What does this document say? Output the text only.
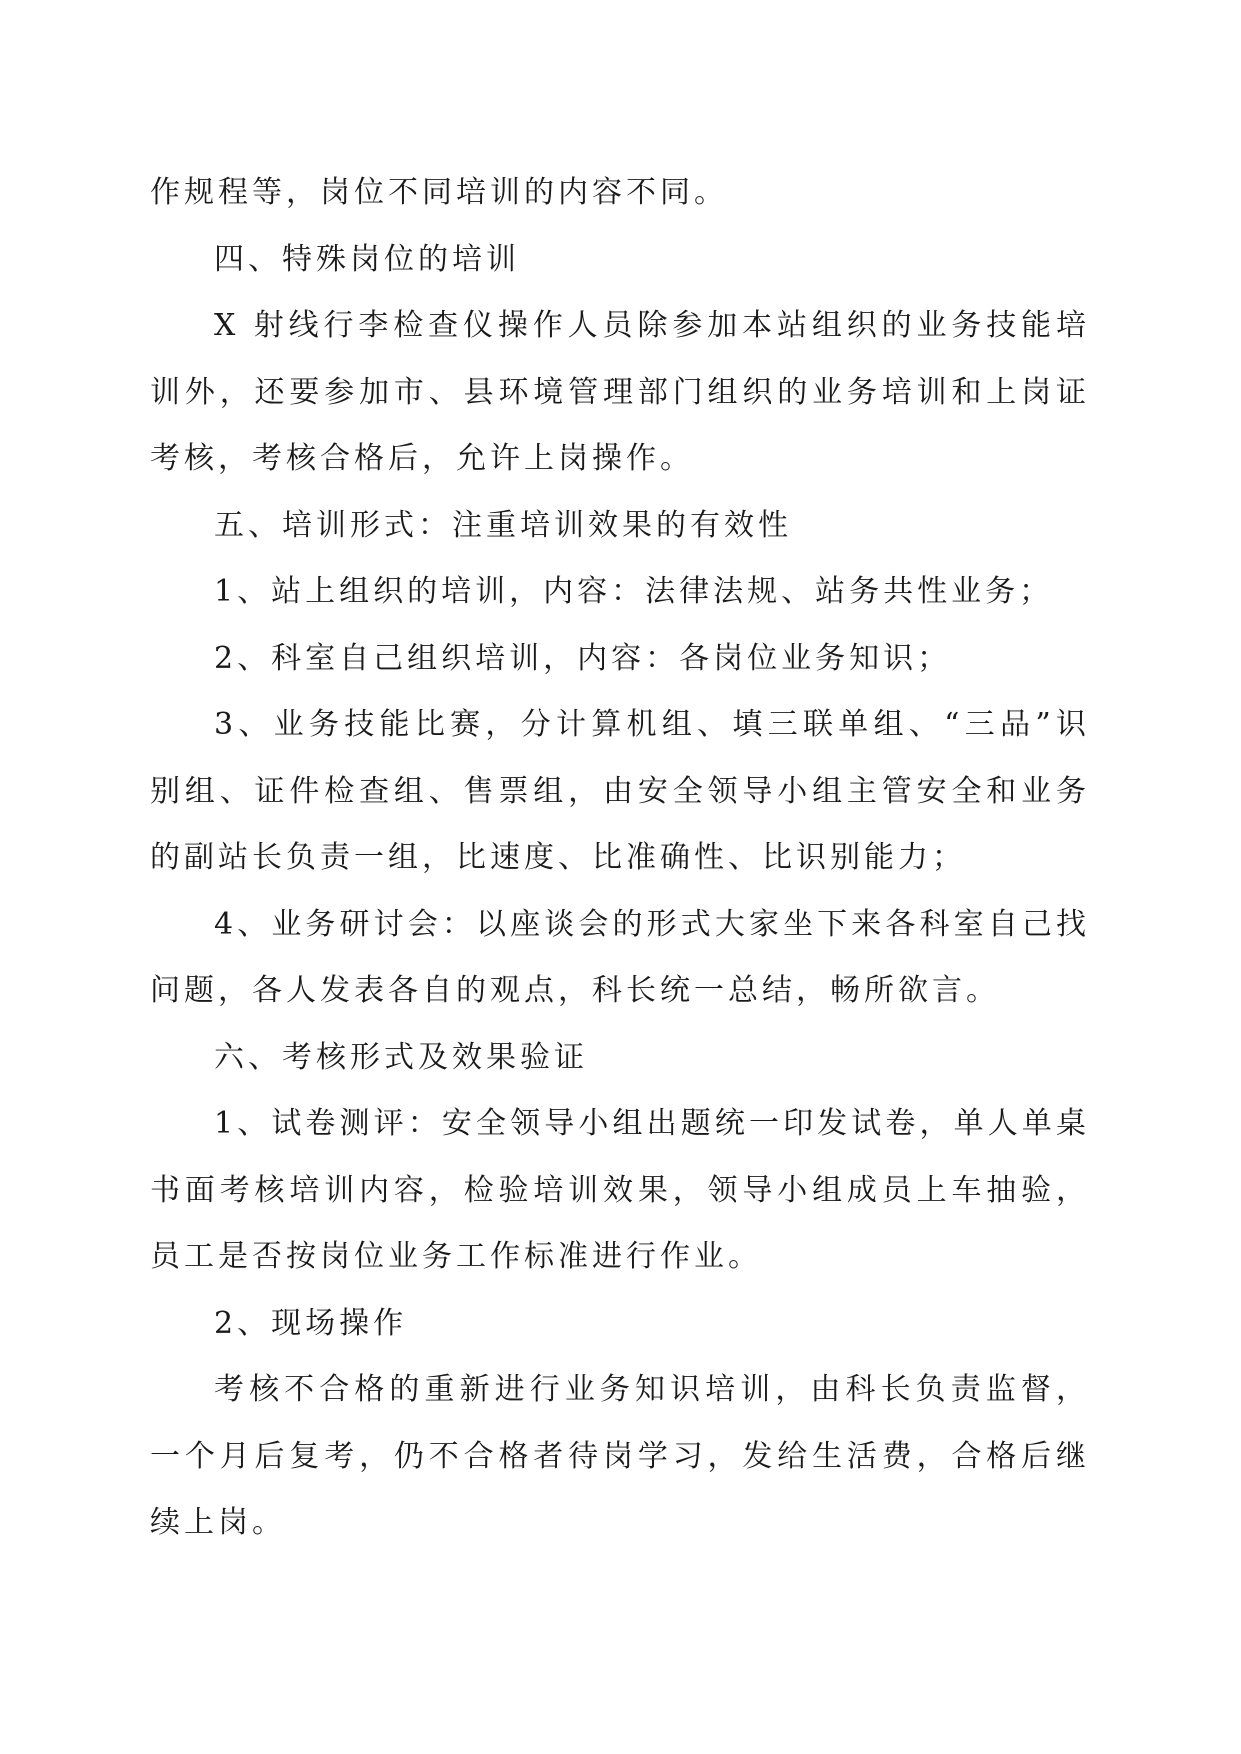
作规程等，岗位不同培训的内容不同。

四、特殊岗位的培训

X 射线行李检查仪操作人员除参加本站组织的业务技能培训外，还要参加市、县环境管理部门组织的业务培训和上岗证考核，考核合格后，允许上岗操作。

五、培训形式：注重培训效果的有效性

1、站上组织的培训，内容：法律法规、站务共性业务；

2、科室自己组织培训，内容：各岗位业务知识；

3、业务技能比赛，分计算机组、填三联单组、“三品”识别组、证件检查组、售票组，由安全领导小组主管安全和业务的副站长负责一组，比速度、比准确性、比识别能力；

4、业务研讨会：以座谈会的形式大家坐下来各科室自己找问题，各人发表各自的观点，科长统一总结，畅所欲言。

六、考核形式及效果验证

1、试卷测评：安全领导小组出题统一印发试卷，单人单桌书面考核培训内容，检验培训效果，领导小组成员上车抽验，员工是否按岗位业务工作标准进行作业。

2、现场操作

考核不合格的重新进行业务知识培训，由科长负责监督，一个月后复考，仍不合格者待岗学习，发给生活费，合格后继续上岗。
